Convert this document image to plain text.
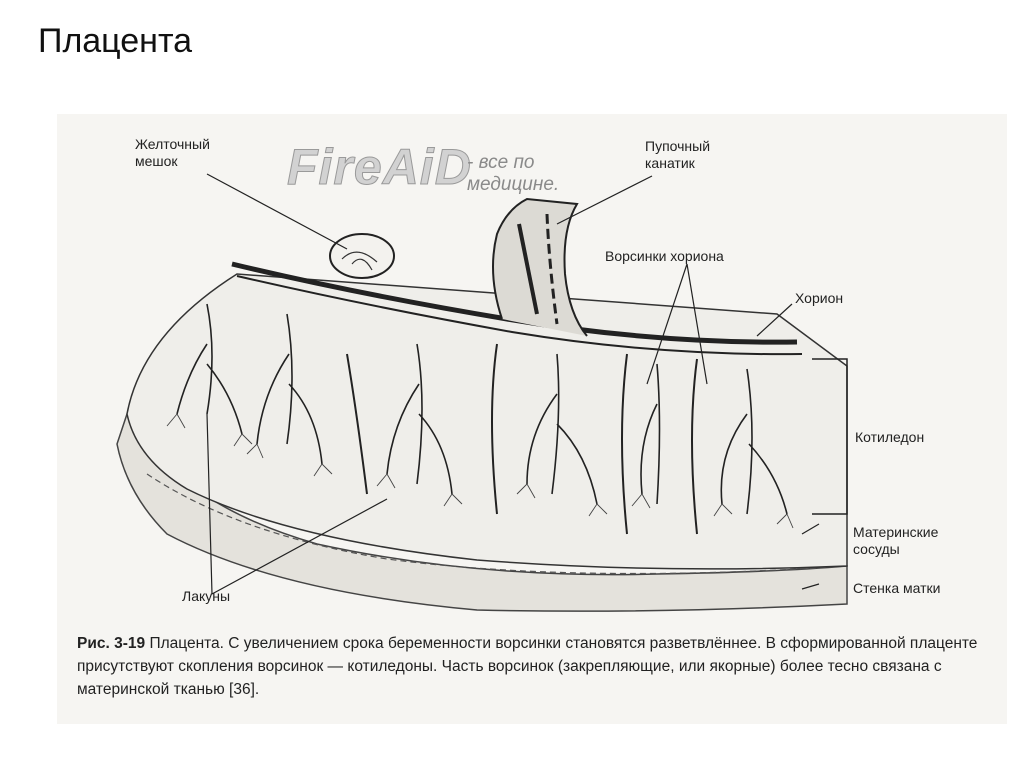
Плацента
FireAiD
- все по
медицине.
Желточный
мешок
Пупочный
канатик
Ворсинки хориона
Хорион
Котиледон
Материнские
сосуды
Стенка матки
Лакуны
Рис. 3-19 Плацента. С увеличением срока беременности ворсинки становятся разветвлённее. В сформированной плаценте присутствуют скопления ворсинок — котиледоны. Часть ворсинок (закрепляющие, или якорные) более тесно связана с материнской тканью [36].
